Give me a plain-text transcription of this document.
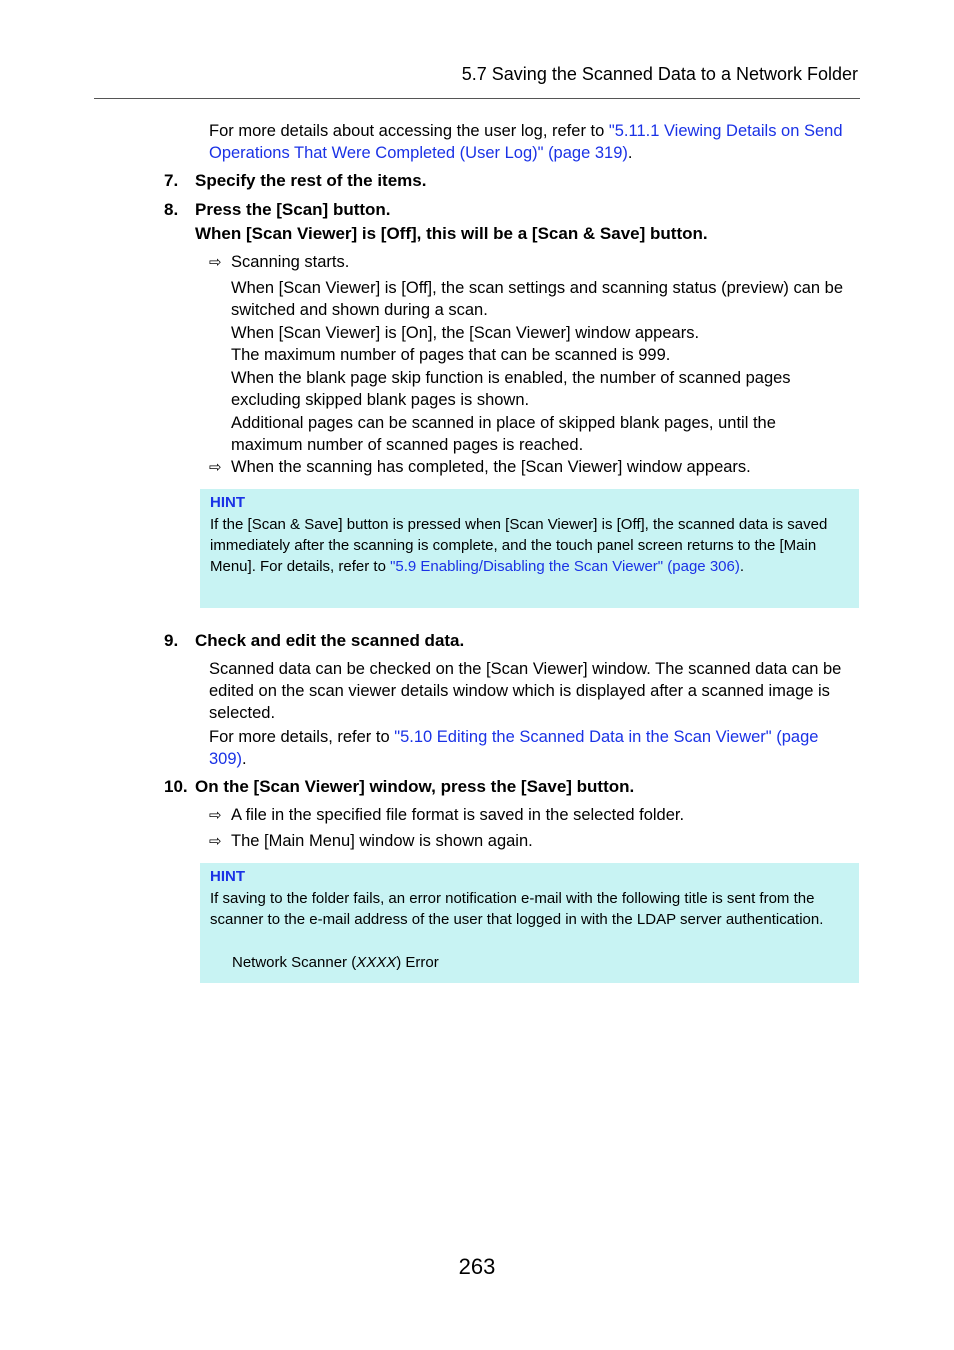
5.7 Saving the Scanned Data to a Network Folder
For more details about accessing the user log, refer to "5.11.1 Viewing Details on Send Operations That Were Completed (User Log)" (page 319).
7. Specify the rest of the items.
8. Press the [Scan] button.
When [Scan Viewer] is [Off], this will be a [Scan & Save] button.
⇨ Scanning starts.
When [Scan Viewer] is [Off], the scan settings and scanning status (preview) can be switched and shown during a scan.
When [Scan Viewer] is [On], the [Scan Viewer] window appears.
The maximum number of pages that can be scanned is 999.
When the blank page skip function is enabled, the number of scanned pages excluding skipped blank pages is shown.
Additional pages can be scanned in place of skipped blank pages, until the maximum number of scanned pages is reached.
⇨ When the scanning has completed, the [Scan Viewer] window appears.
HINT
If the [Scan & Save] button is pressed when [Scan Viewer] is [Off], the scanned data is saved immediately after the scanning is complete, and the touch panel screen returns to the [Main Menu]. For details, refer to "5.9 Enabling/Disabling the Scan Viewer" (page 306).
9. Check and edit the scanned data.
Scanned data can be checked on the [Scan Viewer] window. The scanned data can be edited on the scan viewer details window which is displayed after a scanned image is selected.
For more details, refer to "5.10 Editing the Scanned Data in the Scan Viewer" (page 309).
10. On the [Scan Viewer] window, press the [Save] button.
⇨ A file in the specified file format is saved in the selected folder.
⇨ The [Main Menu] window is shown again.
HINT
If saving to the folder fails, an error notification e-mail with the following title is sent from the scanner to the e-mail address of the user that logged in with the LDAP server authentication.
Network Scanner (XXXX) Error
263
